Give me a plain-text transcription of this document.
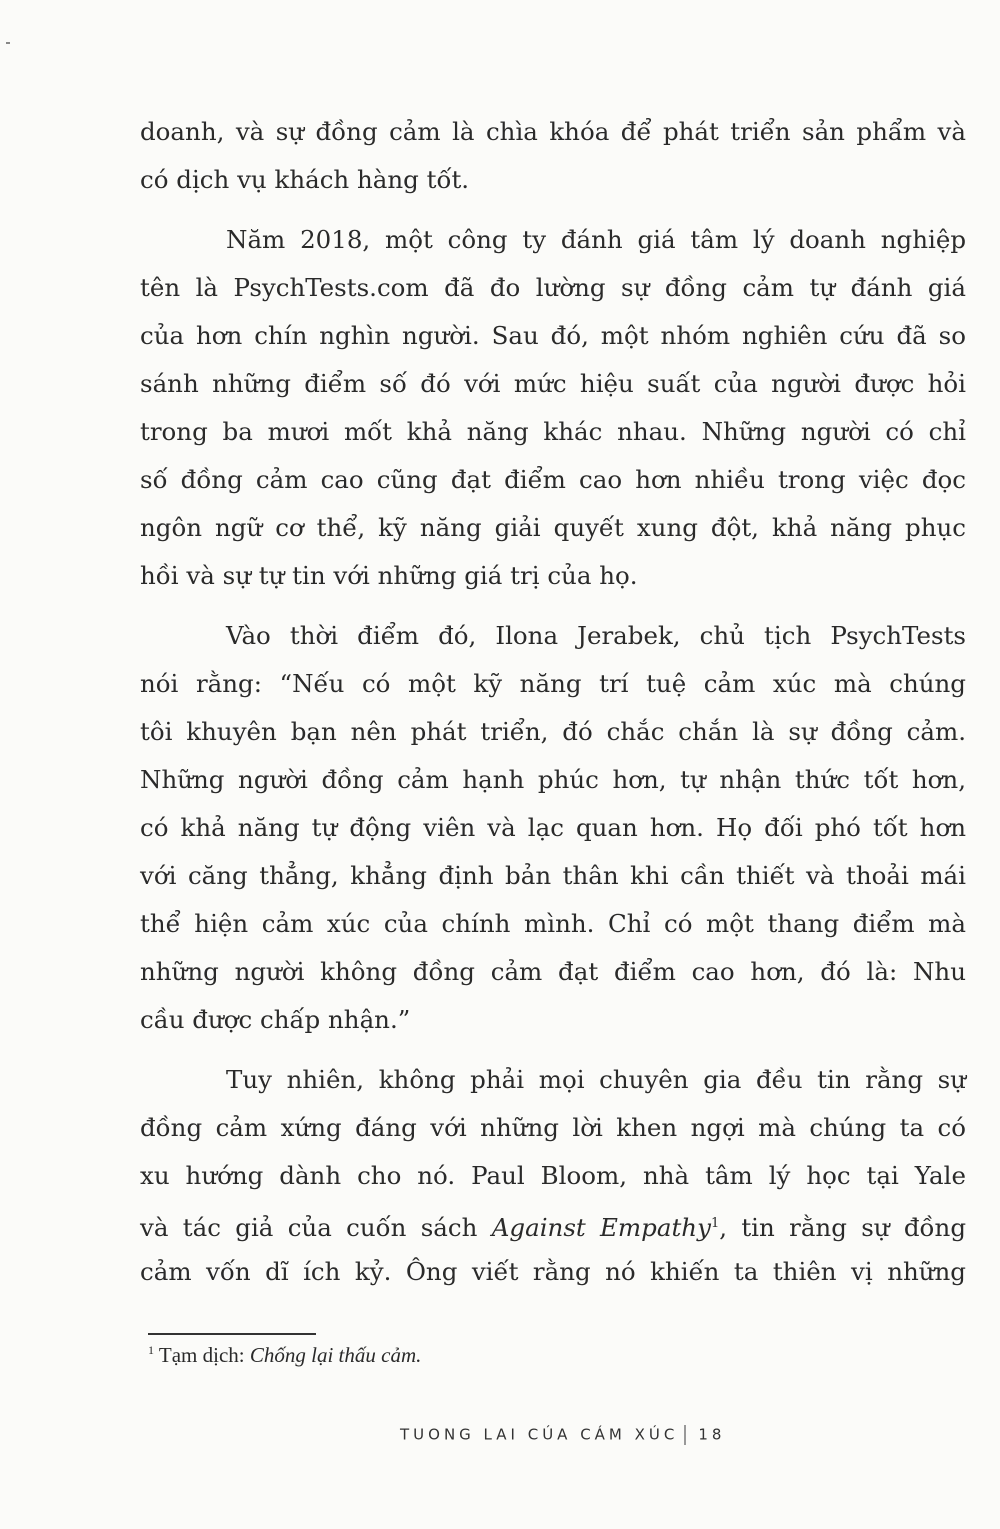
doanh, và sự đồng cảm là chìa khóa để phát triển sản phẩm và
có dịch vụ khách hàng tốt.
Năm 2018, một công ty đánh giá tâm lý doanh nghiệp
tên là PsychTests.com đã đo lường sự đồng cảm tự đánh giá
của hơn chín nghìn người. Sau đó, một nhóm nghiên cứu đã so
sánh những điểm số đó với mức hiệu suất của người được hỏi
trong ba mươi mốt khả năng khác nhau. Những người có chỉ
số đồng cảm cao cũng đạt điểm cao hơn nhiều trong việc đọc
ngôn ngữ cơ thể, kỹ năng giải quyết xung đột, khả năng phục
hồi và sự tự tin với những giá trị của họ.
Vào thời điểm đó, Ilona Jerabek, chủ tịch PsychTests
nói rằng: “Nếu có một kỹ năng trí tuệ cảm xúc mà chúng
tôi khuyên bạn nên phát triển, đó chắc chắn là sự đồng cảm.
Những người đồng cảm hạnh phúc hơn, tự nhận thức tốt hơn,
có khả năng tự động viên và lạc quan hơn. Họ đối phó tốt hơn
với căng thẳng, khẳng định bản thân khi cần thiết và thoải mái
thể hiện cảm xúc của chính mình. Chỉ có một thang điểm mà
những người không đồng cảm đạt điểm cao hơn, đó là: Nhu
cầu được chấp nhận.”
Tuy nhiên, không phải mọi chuyên gia đều tin rằng sự
đồng cảm xứng đáng với những lời khen ngợi mà chúng ta có
xu hướng dành cho nó. Paul Bloom, nhà tâm lý học tại Yale
và tác giả của cuốn sách Against Empathy$^1$, tin rằng sự đồng
cảm vốn dĩ ích kỷ. Ông viết rằng nó khiến ta thiên vị những
$^1$ Tạm dịch: Chống lại thấu cảm.
TUONG LAI CÚA CÁM XÚC 18
